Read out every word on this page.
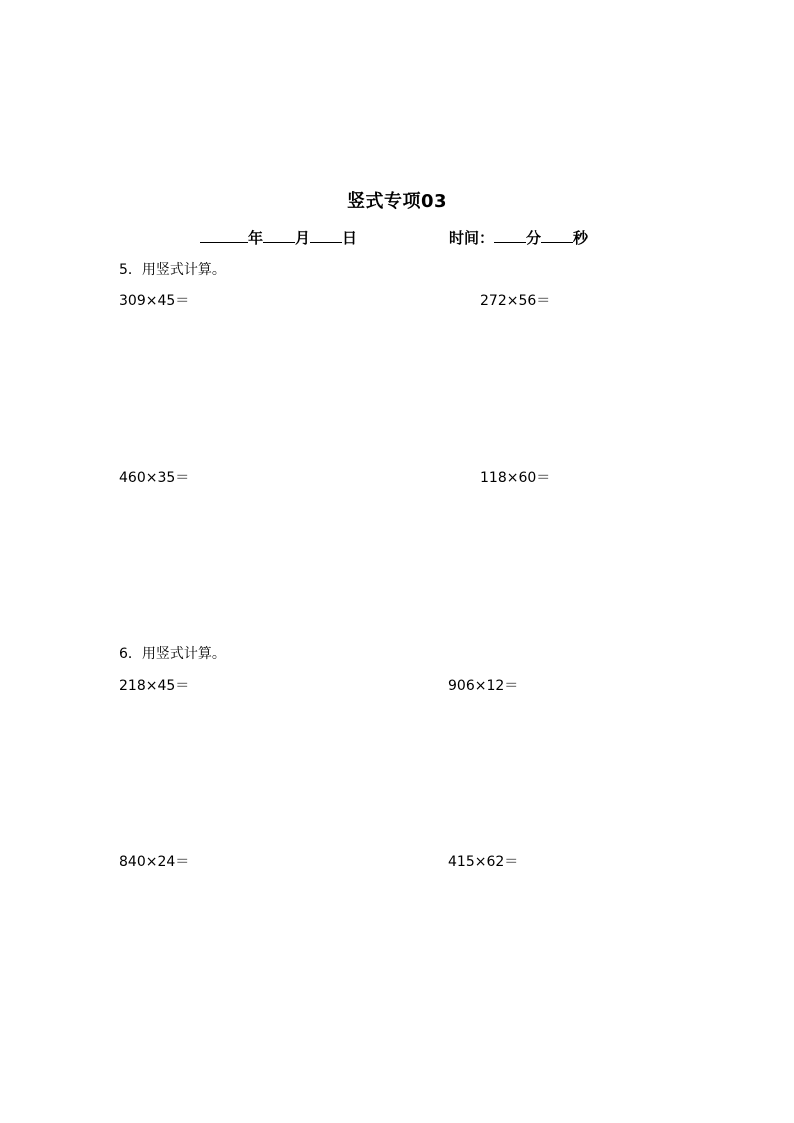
竖式专项03
年 月 日	时间： 分 秒
5．用竖式计算。
309×45＝	272×56＝
460×35＝	118×60＝
6．用竖式计算。
218×45＝	906×12＝
840×24＝	415×62＝
